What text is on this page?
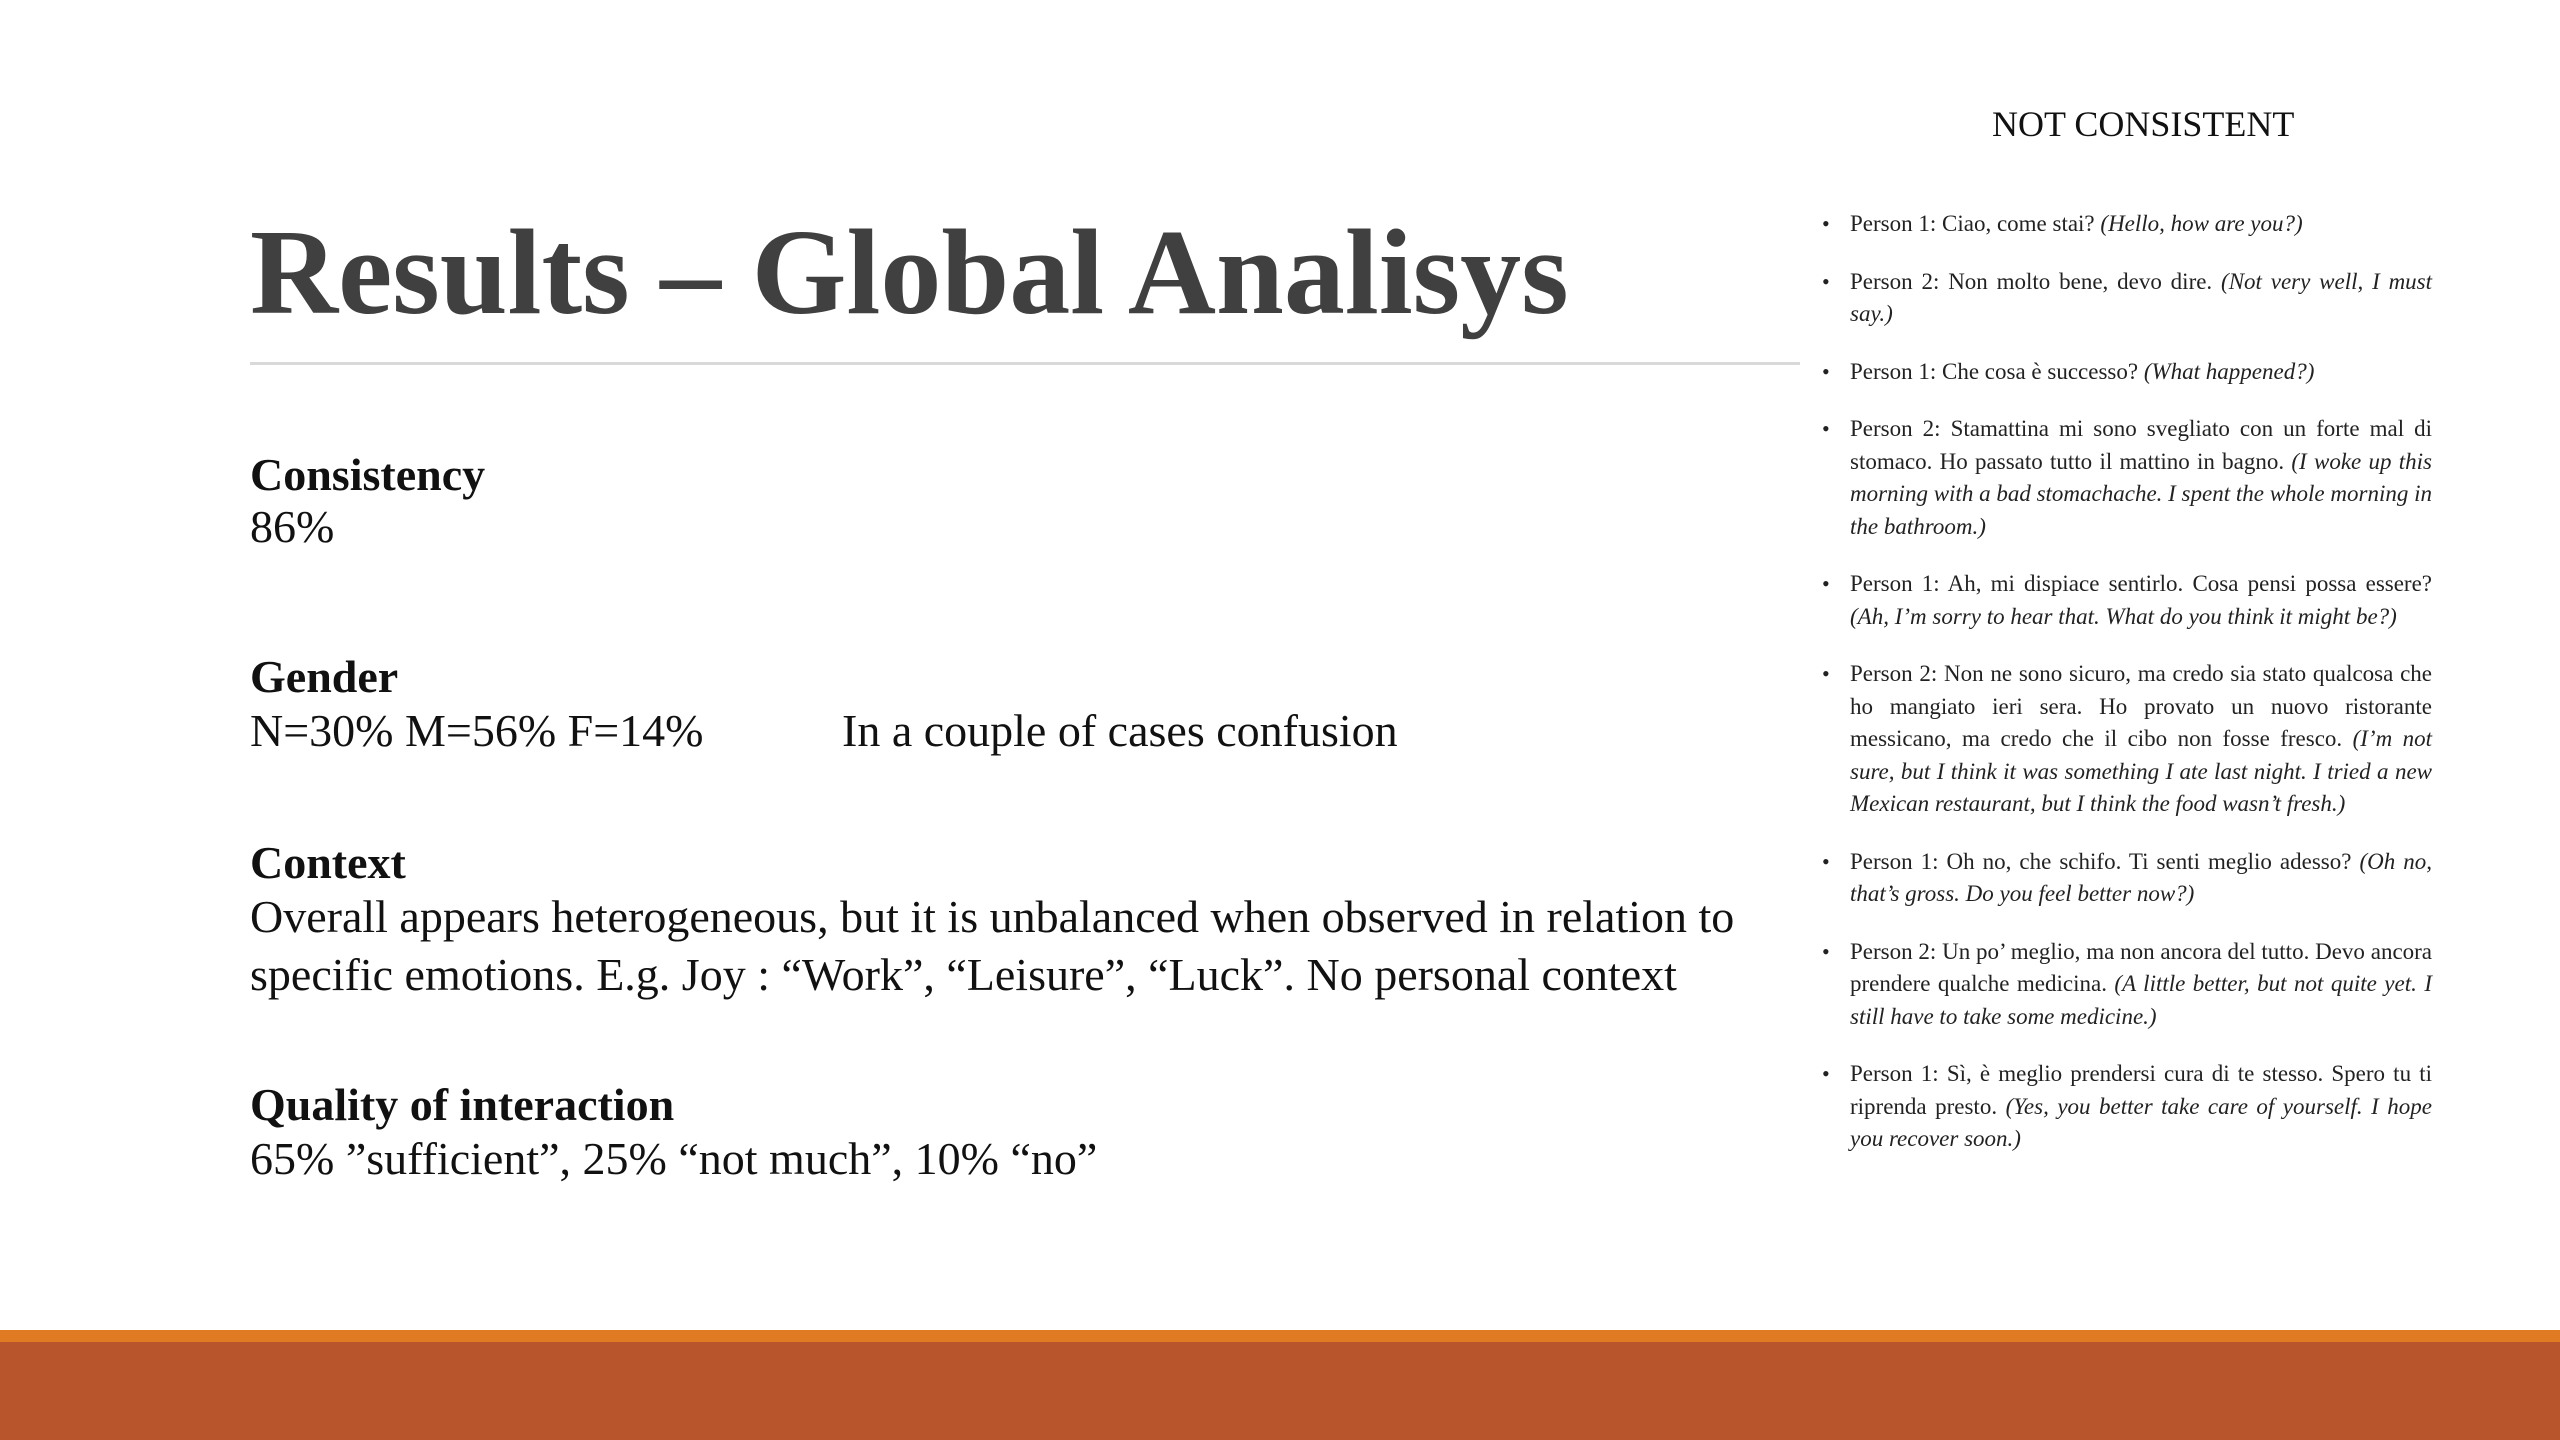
Results – Global Analisys
Consistency
86%
Gender
N=30% M=56% F=14%	In a couple of cases confusion
Context
Overall appears heterogeneous, but it is unbalanced when observed in relation to
specific emotions. E.g. Joy : “Work”, “Leisure”, “Luck”. No personal context
Quality of interaction
65% ”sufficient”, 25% “not much”, 10% “no”
NOT CONSISTENT
• Person 1: Ciao, come stai? (Hello, how are you?)
• Person 2: Non molto bene, devo dire. (Not very well, I must say.)
• Person 1: Che cosa è successo? (What happened?)
• Person 2: Stamattina mi sono svegliato con un forte mal di stomaco. Ho passato tutto il mattino in bagno. (I woke up this morning with a bad stomachache. I spent the whole morning in the bathroom.)
• Person 1: Ah, mi dispiace sentirlo. Cosa pensi possa essere? (Ah, I’m sorry to hear that. What do you think it might be?)
• Person 2: Non ne sono sicuro, ma credo sia stato qualcosa che ho mangiato ieri sera. Ho provato un nuovo ristorante messicano, ma credo che il cibo non fosse fresco. (I’m not sure, but I think it was something I ate last night. I tried a new Mexican restaurant, but I think the food wasn’t fresh.)
• Person 1: Oh no, che schifo. Ti senti meglio adesso? (Oh no, that’s gross. Do you feel better now?)
• Person 2: Un po’ meglio, ma non ancora del tutto. Devo ancora prendere qualche medicina. (A little better, but not quite yet. I still have to take some medicine.)
• Person 1: Sì, è meglio prendersi cura di te stesso. Spero tu ti riprenda presto. (Yes, you better take care of yourself. I hope you recover soon.)
